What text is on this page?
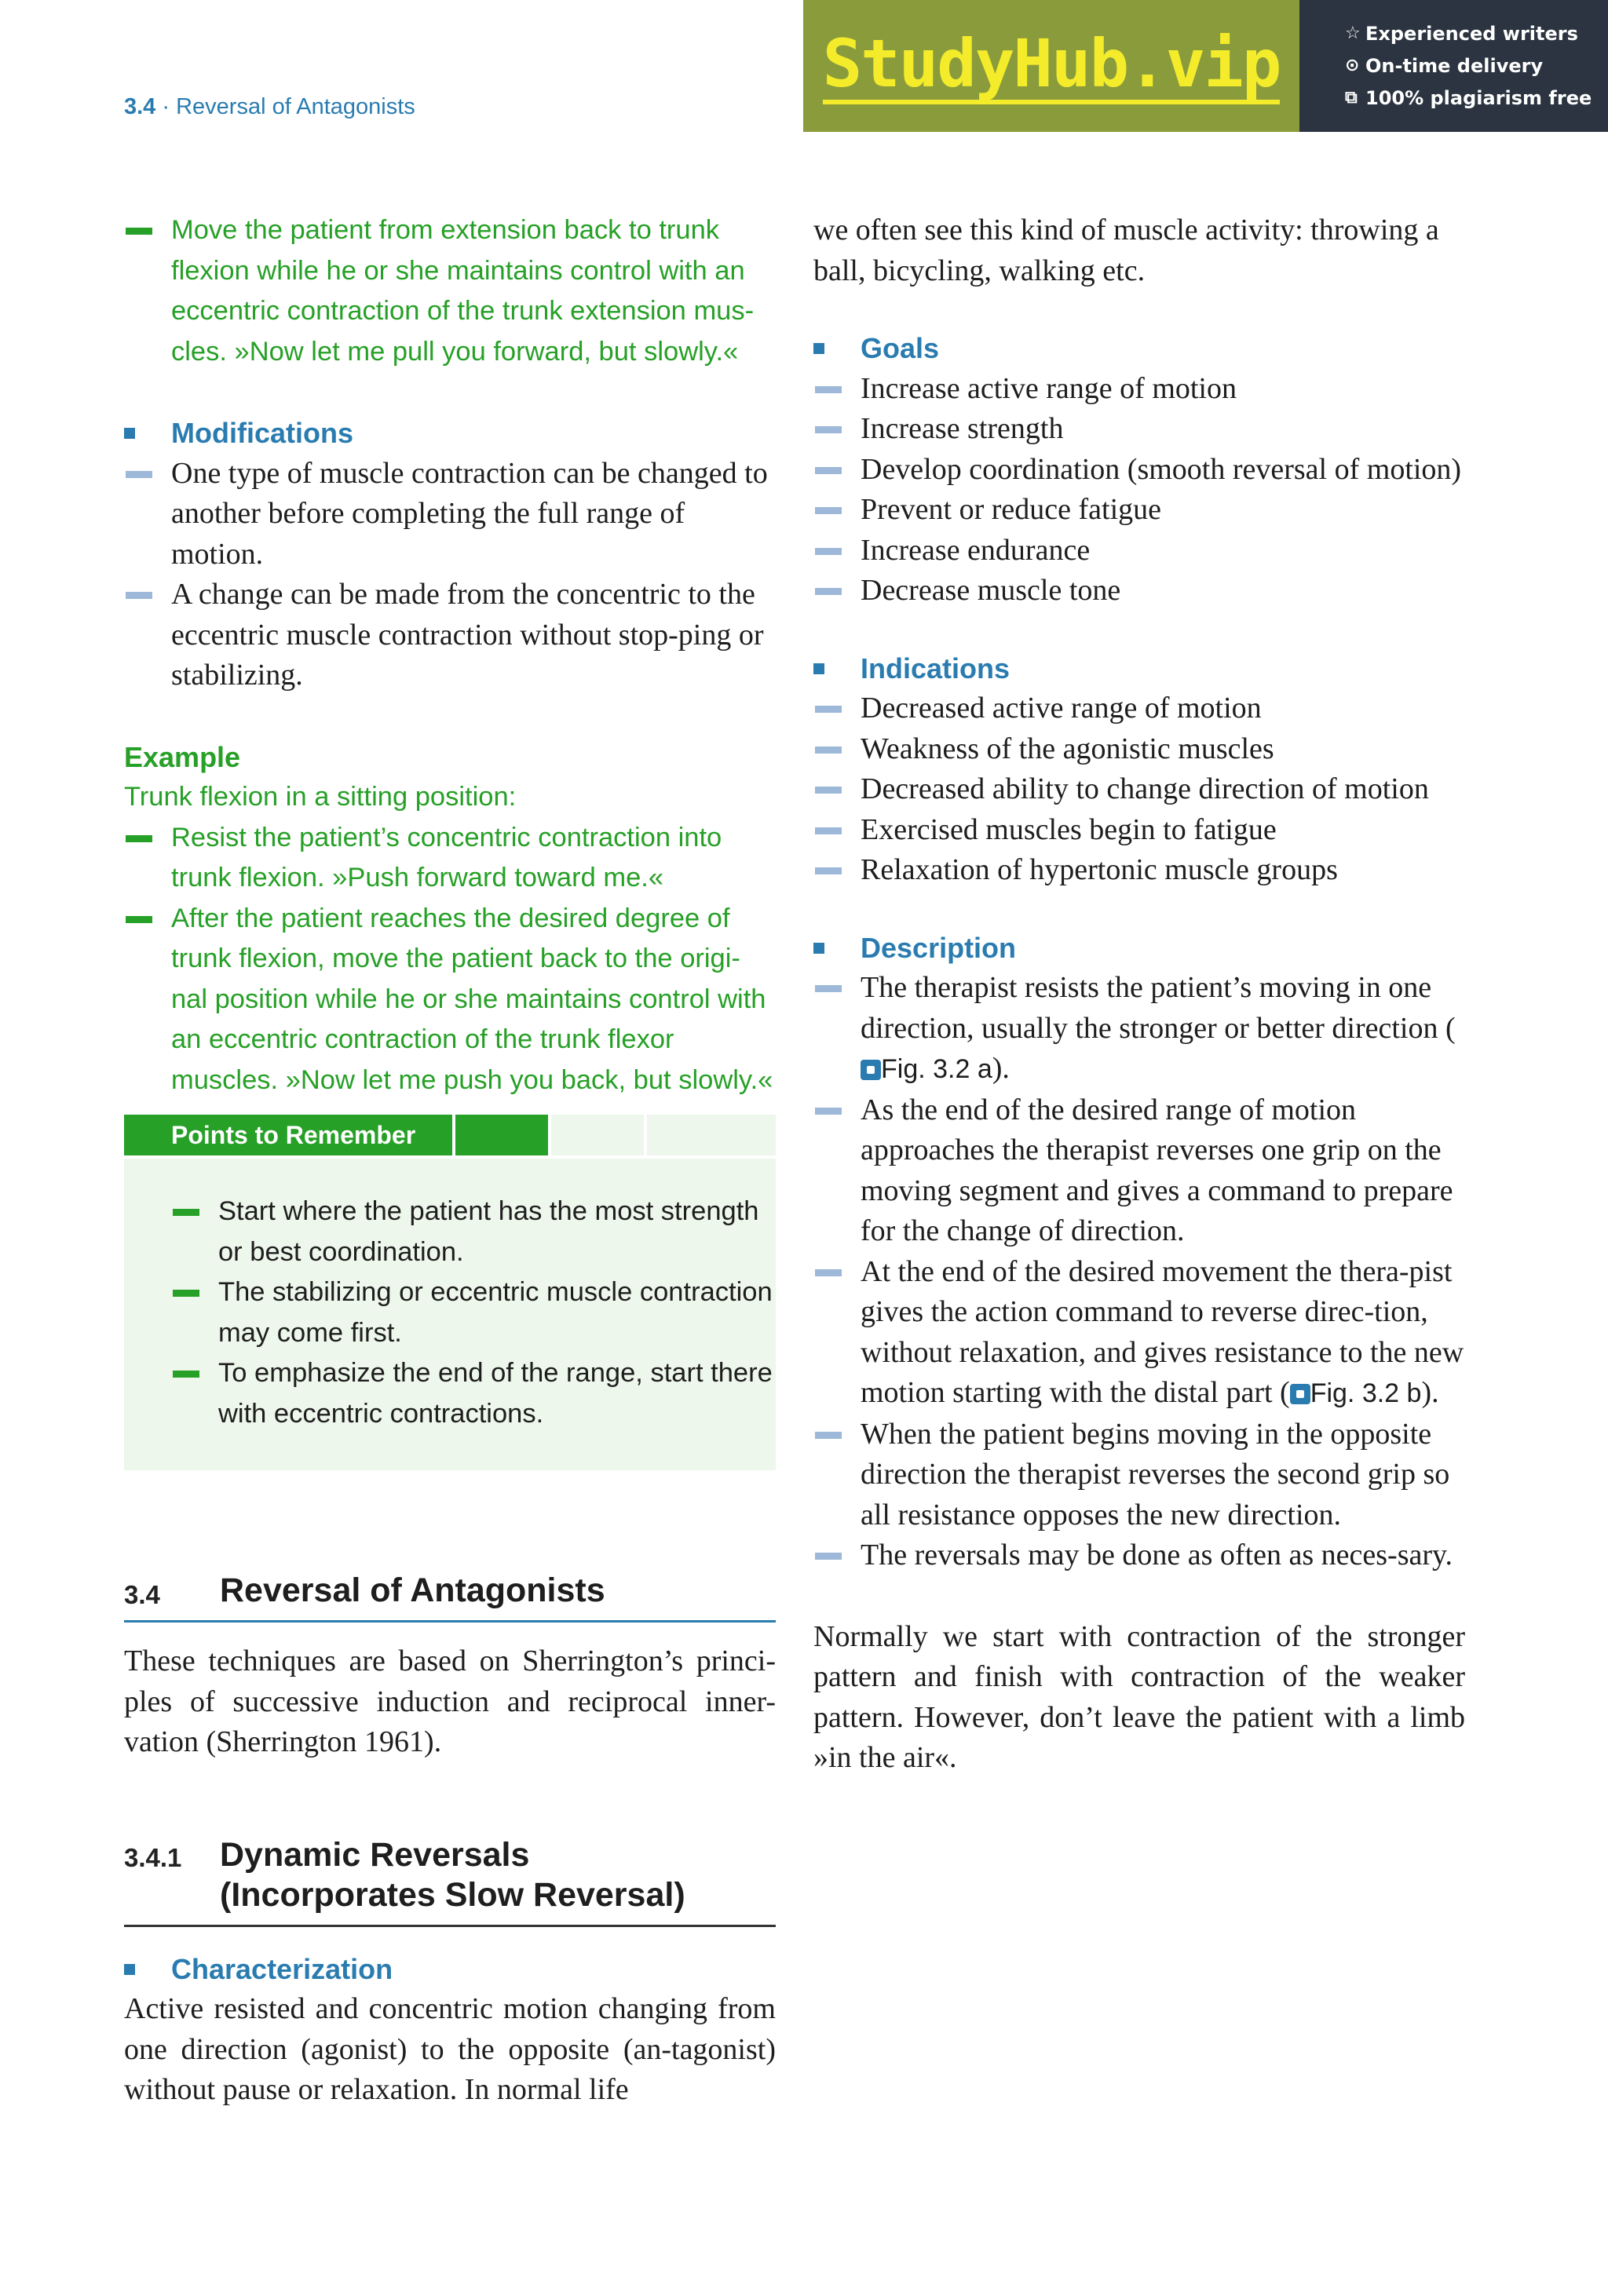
3.4 · Reversal of Antagonists
StudyHub.vip	☆ Experienced writers
⊙ On-time delivery
⧉ 100% plagiarism free
Move the patient from extension back to trunk flexion while he or she maintains control with an eccentric contraction of the trunk extension mus-cles. »Now let me pull you forward, but slowly.«
Modifications
One type of muscle contraction can be changed to another before completing the full range of motion.
A change can be made from the concentric to the eccentric muscle contraction without stop-ping or stabilizing.
Example
Trunk flexion in a sitting position:
Resist the patient’s concentric contraction into trunk flexion. »Push forward toward me.«
After the patient reaches the desired degree of trunk flexion, move the patient back to the origi-nal position while he or she maintains control with an eccentric contraction of the trunk flexor muscles. »Now let me push you back, but slowly.«
Points to Remember
Start where the patient has the most strength or best coordination.
The stabilizing or eccentric muscle contraction may come first.
To emphasize the end of the range, start there with eccentric contractions.
3.4 Reversal of Antagonists
These techniques are based on Sherrington’s princi-ples of successive induction and reciprocal inner-vation (Sherrington 1961).
3.4.1 Dynamic Reversals
(Incorporates Slow Reversal)
Characterization
Active resisted and concentric motion changing from one direction (agonist) to the opposite (an-tagonist) without pause or relaxation. In normal life
we often see this kind of muscle activity: throwing a ball, bicycling, walking etc.
Goals
Increase active range of motion
Increase strength
Develop coordination (smooth reversal of motion)
Prevent or reduce fatigue
Increase endurance
Decrease muscle tone
Indications
Decreased active range of motion
Weakness of the agonistic muscles
Decreased ability to change direction of motion
Exercised muscles begin to fatigue
Relaxation of hypertonic muscle groups
Description
The therapist resists the patient’s moving in one direction, usually the stronger or better direction (Fig. 3.2 a).
As the end of the desired range of motion approaches the therapist reverses one grip on the moving segment and gives a command to prepare for the change of direction.
At the end of the desired movement the thera-pist gives the action command to reverse direc-tion, without relaxation, and gives resistance to the new motion starting with the distal part ( Fig. 3.2 b).
When the patient begins moving in the opposite direction the therapist reverses the second grip so all resistance opposes the new direction.
The reversals may be done as often as neces-sary.
Normally we start with contraction of the stronger pattern and finish with contraction of the weaker pattern. However, don’t leave the patient with a limb »in the air«.
